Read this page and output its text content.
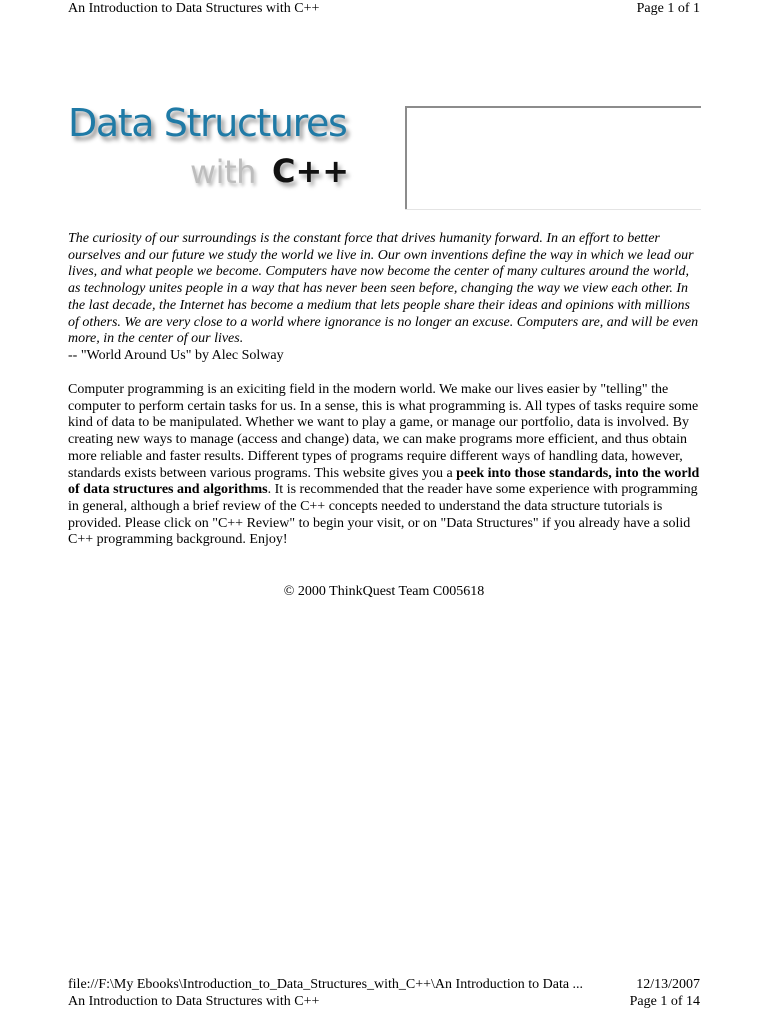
An Introduction to Data Structures with C++	Page 1 of 1
Data Structures
with C++
The curiosity of our surroundings is the constant force that drives humanity forward. In an effort to better ourselves and our future we study the world we live in. Our own inventions define the way in which we lead our lives, and what people we become. Computers have now become the center of many cultures around the world, as technology unites people in a way that has never been seen before, changing the way we view each other. In the last decade, the Internet has become a medium that lets people share their ideas and opinions with millions of others. We are very close to a world where ignorance is no longer an excuse. Computers are, and will be even more, in the center of our lives.
-- "World Around Us" by Alec Solway
Computer programming is an exiciting field in the modern world. We make our lives easier by "telling" the computer to perform certain tasks for us. In a sense, this is what programming is. All types of tasks require some kind of data to be manipulated. Whether we want to play a game, or manage our portfolio, data is involved. By creating new ways to manage (access and change) data, we can make programs more efficient, and thus obtain more reliable and faster results. Different types of programs require different ways of handling data, however, standards exists between various programs. This website gives you a peek into those standards, into the world of data structures and algorithms. It is recommended that the reader have some experience with programming in general, although a brief review of the C++ concepts needed to understand the data structure tutorials is provided. Please click on "C++ Review" to begin your visit, or on "Data Structures" if you already have a solid C++ programming background. Enjoy!
© 2000 ThinkQuest Team C005618
file://F:\My Ebooks\Introduction_to_Data_Structures_with_C++\An Introduction to Data ...	12/13/2007
An Introduction to Data Structures with C++	Page 1 of 14
